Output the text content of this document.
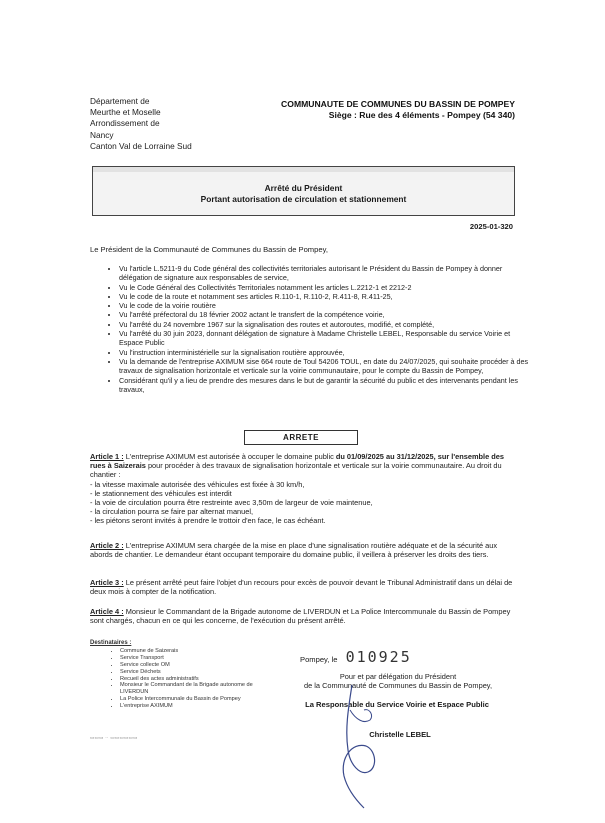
Département de
Meurthe et Moselle
Arrondissement de
Nancy
Canton Val de Lorraine Sud
COMMUNAUTE DE COMMUNES DU BASSIN DE POMPEY
Siège : Rue des 4 éléments - Pompey (54 340)
Arrêté du Président
Portant autorisation de circulation et stationnement
2025-01-320
Le Président de la Communauté de Communes du Bassin de Pompey,
• Vu l'article L.5211-9 du Code général des collectivités territoriales autorisant le Président du Bassin de Pompey à donner délégation de signature aux responsables de service,
• Vu le Code Général des Collectivités Territoriales notamment les articles L.2212-1 et 2212-2
• Vu le code de la route et notamment ses articles R.110-1, R.110-2, R.411-8, R.411-25,
• Vu le code de la voirie routière
• Vu l'arrêté préfectoral du 18 février 2002 actant le transfert de la compétence voirie,
• Vu l'arrêté du 24 novembre 1967 sur la signalisation des routes et autoroutes, modifié, et complété,
• Vu l'arrêté du 30 juin 2023, donnant délégation de signature à Madame Christelle LEBEL, Responsable du service Voirie et Espace Public
• Vu l'instruction interministérielle sur la signalisation routière approuvée,
• Vu la demande de l'entreprise AXIMUM sise 664 route de Toul 54206 TOUL, en date du 24/07/2025, qui souhaite procéder à des travaux de signalisation horizontale et verticale sur la voirie communautaire, pour le compte du Bassin de Pompey,
• Considérant qu'il y a lieu de prendre des mesures dans le but de garantir la sécurité du public et des intervenants pendant les travaux,
ARRETE
Article 1 : L'entreprise AXIMUM est autorisée à occuper le domaine public du 01/09/2025 au 31/12/2025, sur l'ensemble des rues à Saizerais pour procéder à des travaux de signalisation horizontale et verticale sur la voirie communautaire. Au droit du chantier :
- la vitesse maximale autorisée des véhicules est fixée à 30 km/h,
- le stationnement des véhicules est interdit
- la voie de circulation pourra être restreinte avec 3,50m de largeur de voie maintenue,
- la circulation pourra se faire par alternat manuel,
- les piétons seront invités à prendre le trottoir d'en face, le cas échéant.
Article 2 : L'entreprise AXIMUM sera chargée de la mise en place d'une signalisation routière adéquate et de la sécurité aux abords de chantier. Le demandeur étant occupant temporaire du domaine public, il veillera à préserver les droits des tiers.
Article 3 : Le présent arrêté peut faire l'objet d'un recours pour excès de pouvoir devant le Tribunal Administratif dans un délai de deux mois à compter de la notification.
Article 4 : Monsieur le Commandant de la Brigade autonome de LIVERDUN et La Police Intercommunale du Bassin de Pompey sont chargés, chacun en ce qui les concerne, de l'exécution du présent arrêté.
Destinataires :
• Commune de Saizerais
• Service Transport
• Service collecte OM
• Service Déchets
• Recueil des actes administratifs
• Monsieur le Commandant de la Brigade autonome de LIVERDUN
• La Police Intercommunale du Bassin de Pompey
• L'entreprise AXIMUM
Pompey, le 010925
Pour et par délégation du Président
de la Communauté de Communes du Bassin de Pompey,
La Responsable du Service Voirie et Espace Public
Christelle LEBEL
▭▭▭ ·· ▭▭▭▭▭▭
